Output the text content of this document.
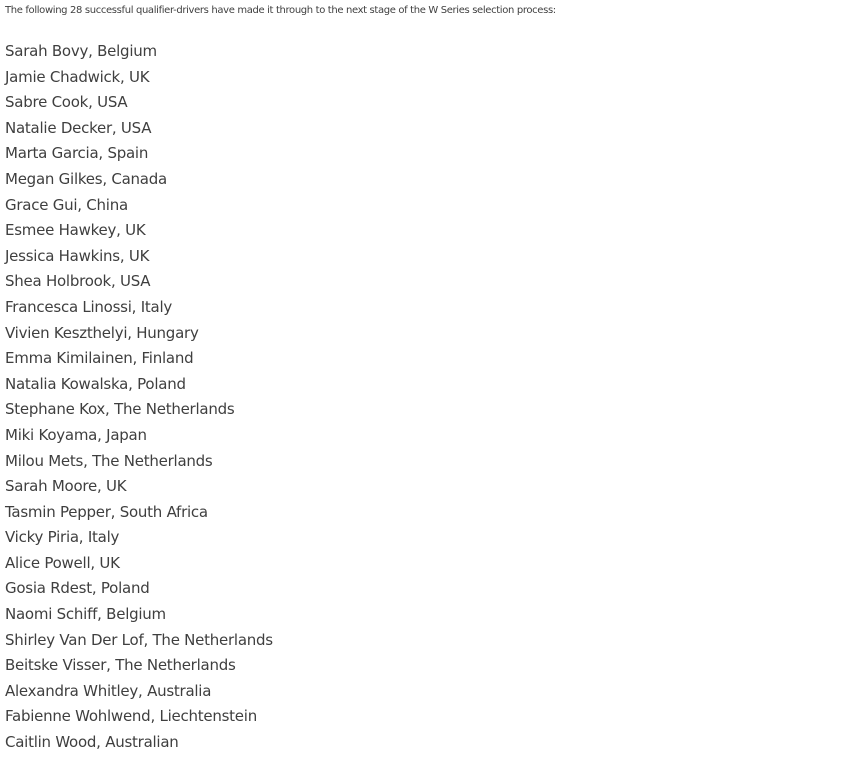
The following 28 successful qualifier-drivers have made it through to the next stage of the W Series selection process:

Sarah Bovy, Belgium
Jamie Chadwick, UK
Sabre Cook, USA
Natalie Decker, USA
Marta Garcia, Spain
Megan Gilkes, Canada
Grace Gui, China
Esmee Hawkey, UK
Jessica Hawkins, UK
Shea Holbrook, USA
Francesca Linossi, Italy
Vivien Keszthelyi, Hungary
Emma Kimilainen, Finland
Natalia Kowalska, Poland
Stephane Kox, The Netherlands
Miki Koyama, Japan
Milou Mets, The Netherlands
Sarah Moore, UK
Tasmin Pepper, South Africa
Vicky Piria, Italy
Alice Powell, UK
Gosia Rdest, Poland
Naomi Schiff, Belgium
Shirley Van Der Lof, The Netherlands
Beitske Visser, The Netherlands
Alexandra Whitley, Australia
Fabienne Wohlwend, Liechtenstein
Caitlin Wood, Australian
